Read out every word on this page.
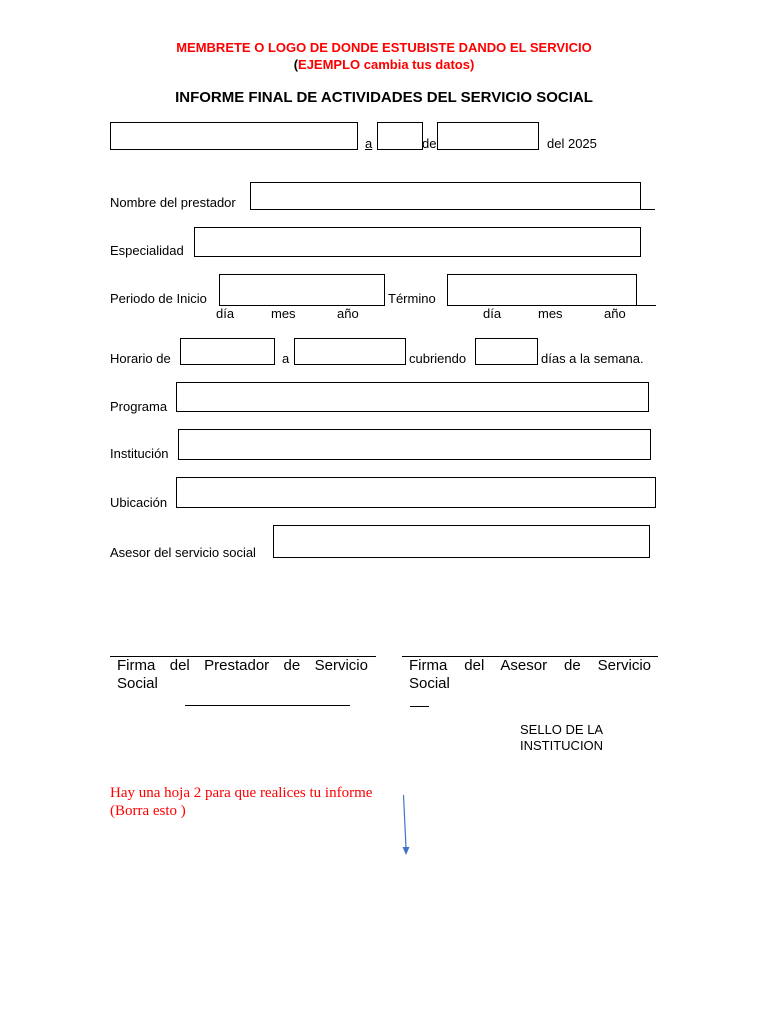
MEMBRETE O LOGO DE DONDE ESTUBISTE DANDO EL SERVICIO
(EJEMPLO cambia tus datos)
INFORME FINAL DE ACTIVIDADES DEL SERVICIO SOCIAL
a	de	del 2025
Nombre del prestador
Especialidad
Periodo de Inicio	Término
día	mes	año	día	mes	año
Horario de	a	cubriendo	días a la semana.
Programa
Institución
Ubicación
Asesor del servicio social
Firma del Prestador de Servicio
Social
Firma del Asesor de Servicio
Social
SELLO DE LA
INSTITUCION
Hay una hoja 2 para que realices tu informe
(Borra esto )
